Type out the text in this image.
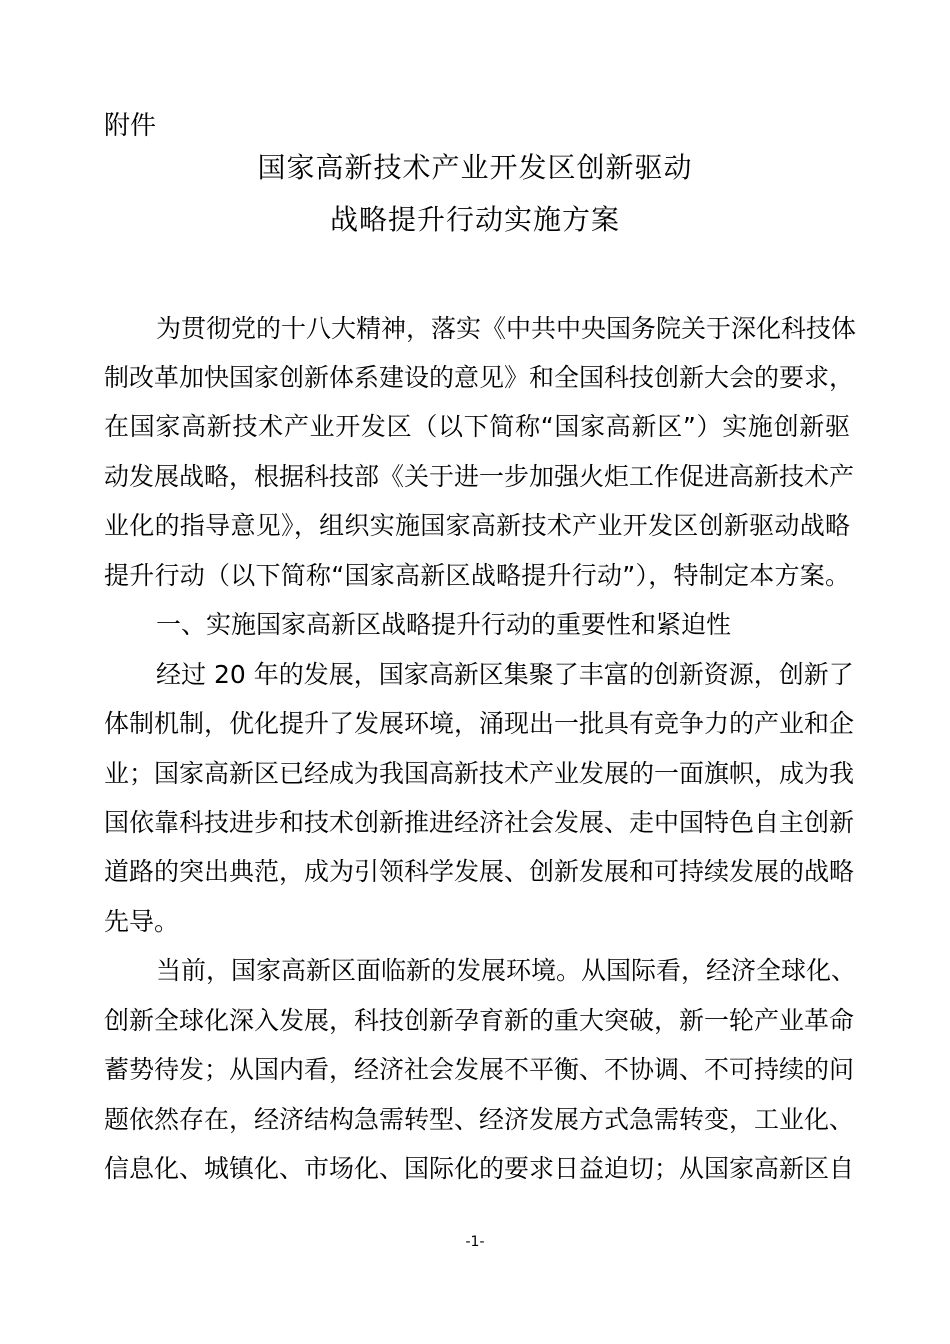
附件
国家高新技术产业开发区创新驱动
战略提升行动实施方案
为贯彻党的十八大精神，落实《中共中央国务院关于深化科技体
制改革加快国家创新体系建设的意见》和全国科技创新大会的要求，
在国家高新技术产业开发区（以下简称“国家高新区”）实施创新驱
动发展战略，根据科技部《关于进一步加强火炬工作促进高新技术产
业化的指导意见》，组织实施国家高新技术产业开发区创新驱动战略
提升行动（以下简称“国家高新区战略提升行动”），特制定本方案。
一、实施国家高新区战略提升行动的重要性和紧迫性
经过 20 年的发展，国家高新区集聚了丰富的创新资源，创新了
体制机制，优化提升了发展环境，涌现出一批具有竞争力的产业和企
业；国家高新区已经成为我国高新技术产业发展的一面旗帜，成为我
国依靠科技进步和技术创新推进经济社会发展、走中国特色自主创新
道路的突出典范，成为引领科学发展、创新发展和可持续发展的战略
先导。
当前，国家高新区面临新的发展环境。从国际看，经济全球化、
创新全球化深入发展，科技创新孕育新的重大突破，新一轮产业革命
蓄势待发；从国内看，经济社会发展不平衡、不协调、不可持续的问
题依然存在，经济结构急需转型、经济发展方式急需转变，工业化、
信息化、城镇化、市场化、国际化的要求日益迫切；从国家高新区自
-1-
